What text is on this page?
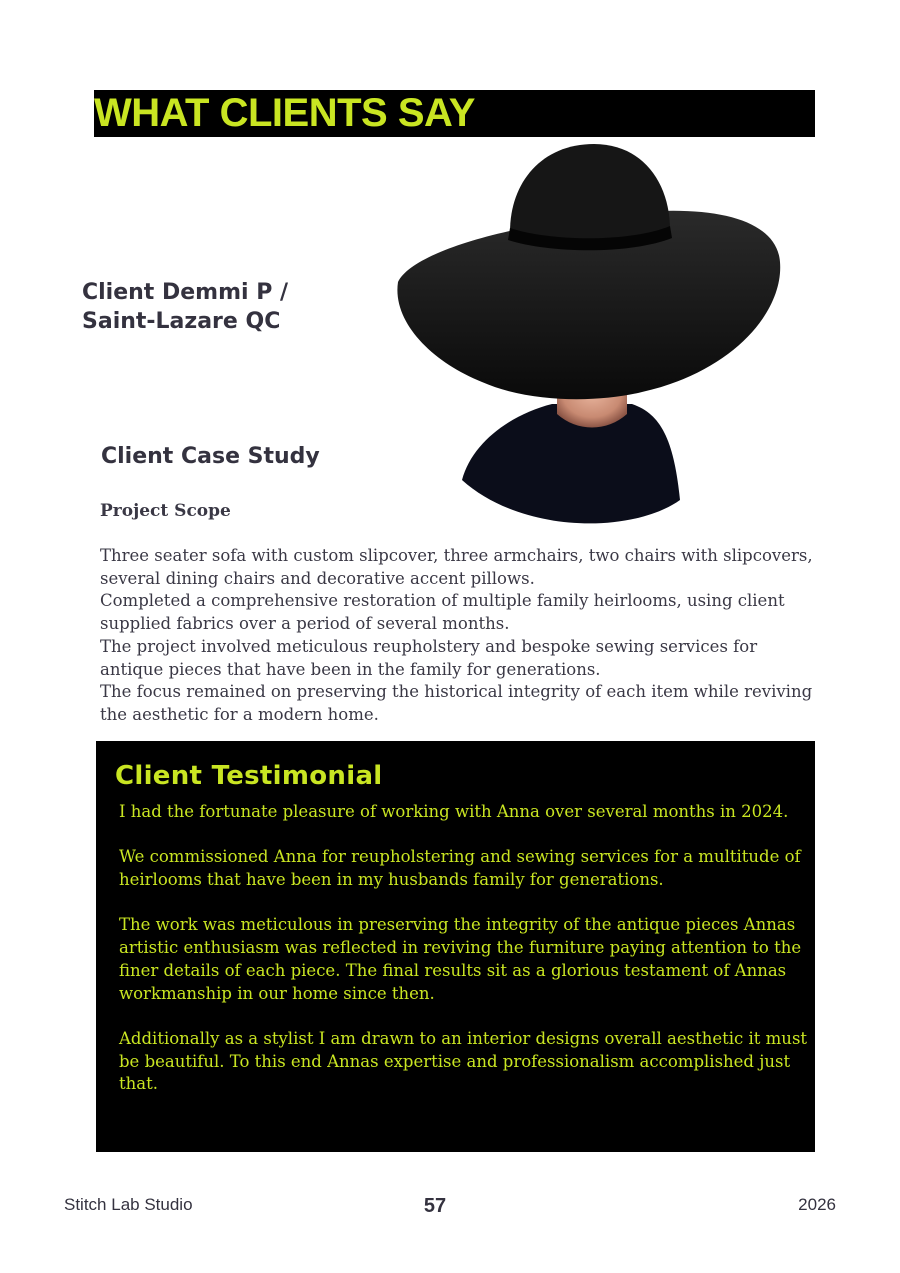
WHAT CLIENTS SAY
Client Demmi P /
Saint-Lazare QC
Client Case Study
Project Scope

Three seater sofa with custom slipcover, three armchairs, two chairs with slipcovers, several dining chairs and decorative accent pillows.

Completed a comprehensive restoration of multiple family heirlooms, using client supplied fabrics over a period of several months.

The project involved meticulous reupholstery and bespoke sewing services for antique pieces that have been in the family for generations.

The focus remained on preserving the historical integrity of each item while reviving the aesthetic for a modern home.

Client Testimonial

I had the fortunate pleasure of working with Anna over several months in 2024.

We commissioned Anna for reupholstering and sewing services for a multitude of heirlooms that have been in my husbands family for generations.

The work was meticulous in preserving the integrity of the antique pieces Annas artistic enthusiasm was reflected in reviving the furniture paying attention to the finer details of each piece. The final results sit as a glorious testament of Annas workmanship in our home since then.

Additionally as a stylist I am drawn to an interior designs overall aesthetic it must be beautiful. To this end Annas expertise and professionalism accomplished just that.

Stitch Lab Studio	57	2026
